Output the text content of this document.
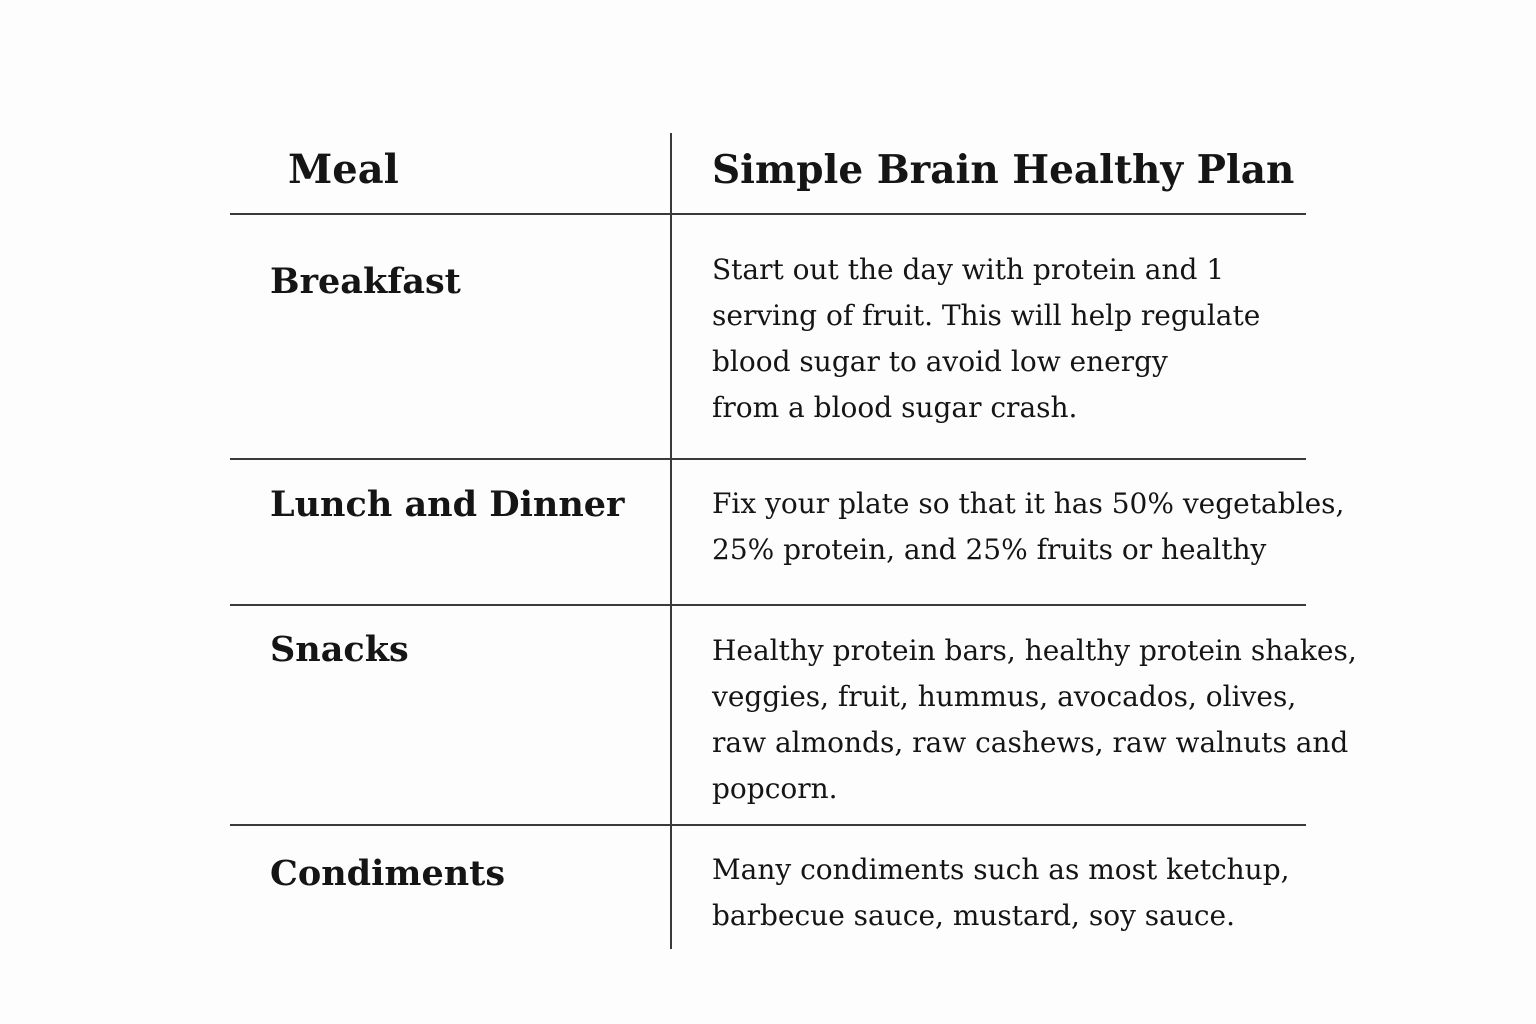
Meal	Simple Brain Healthy Plan
Breakfast	Start out the day with protein and 1
serving of fruit. This will help regulate
blood sugar to avoid low energy
from a blood sugar crash.
Lunch and Dinner	Fix your plate so that it has 50% vegetables,
25% protein, and 25% fruits or healthy
Snacks	Healthy protein bars, healthy protein shakes,
veggies, fruit, hummus, avocados, olives,
raw almonds, raw cashews, raw walnuts and
popcorn.
Condiments	Many condiments such as most ketchup,
barbecue sauce, mustard, soy sauce.
